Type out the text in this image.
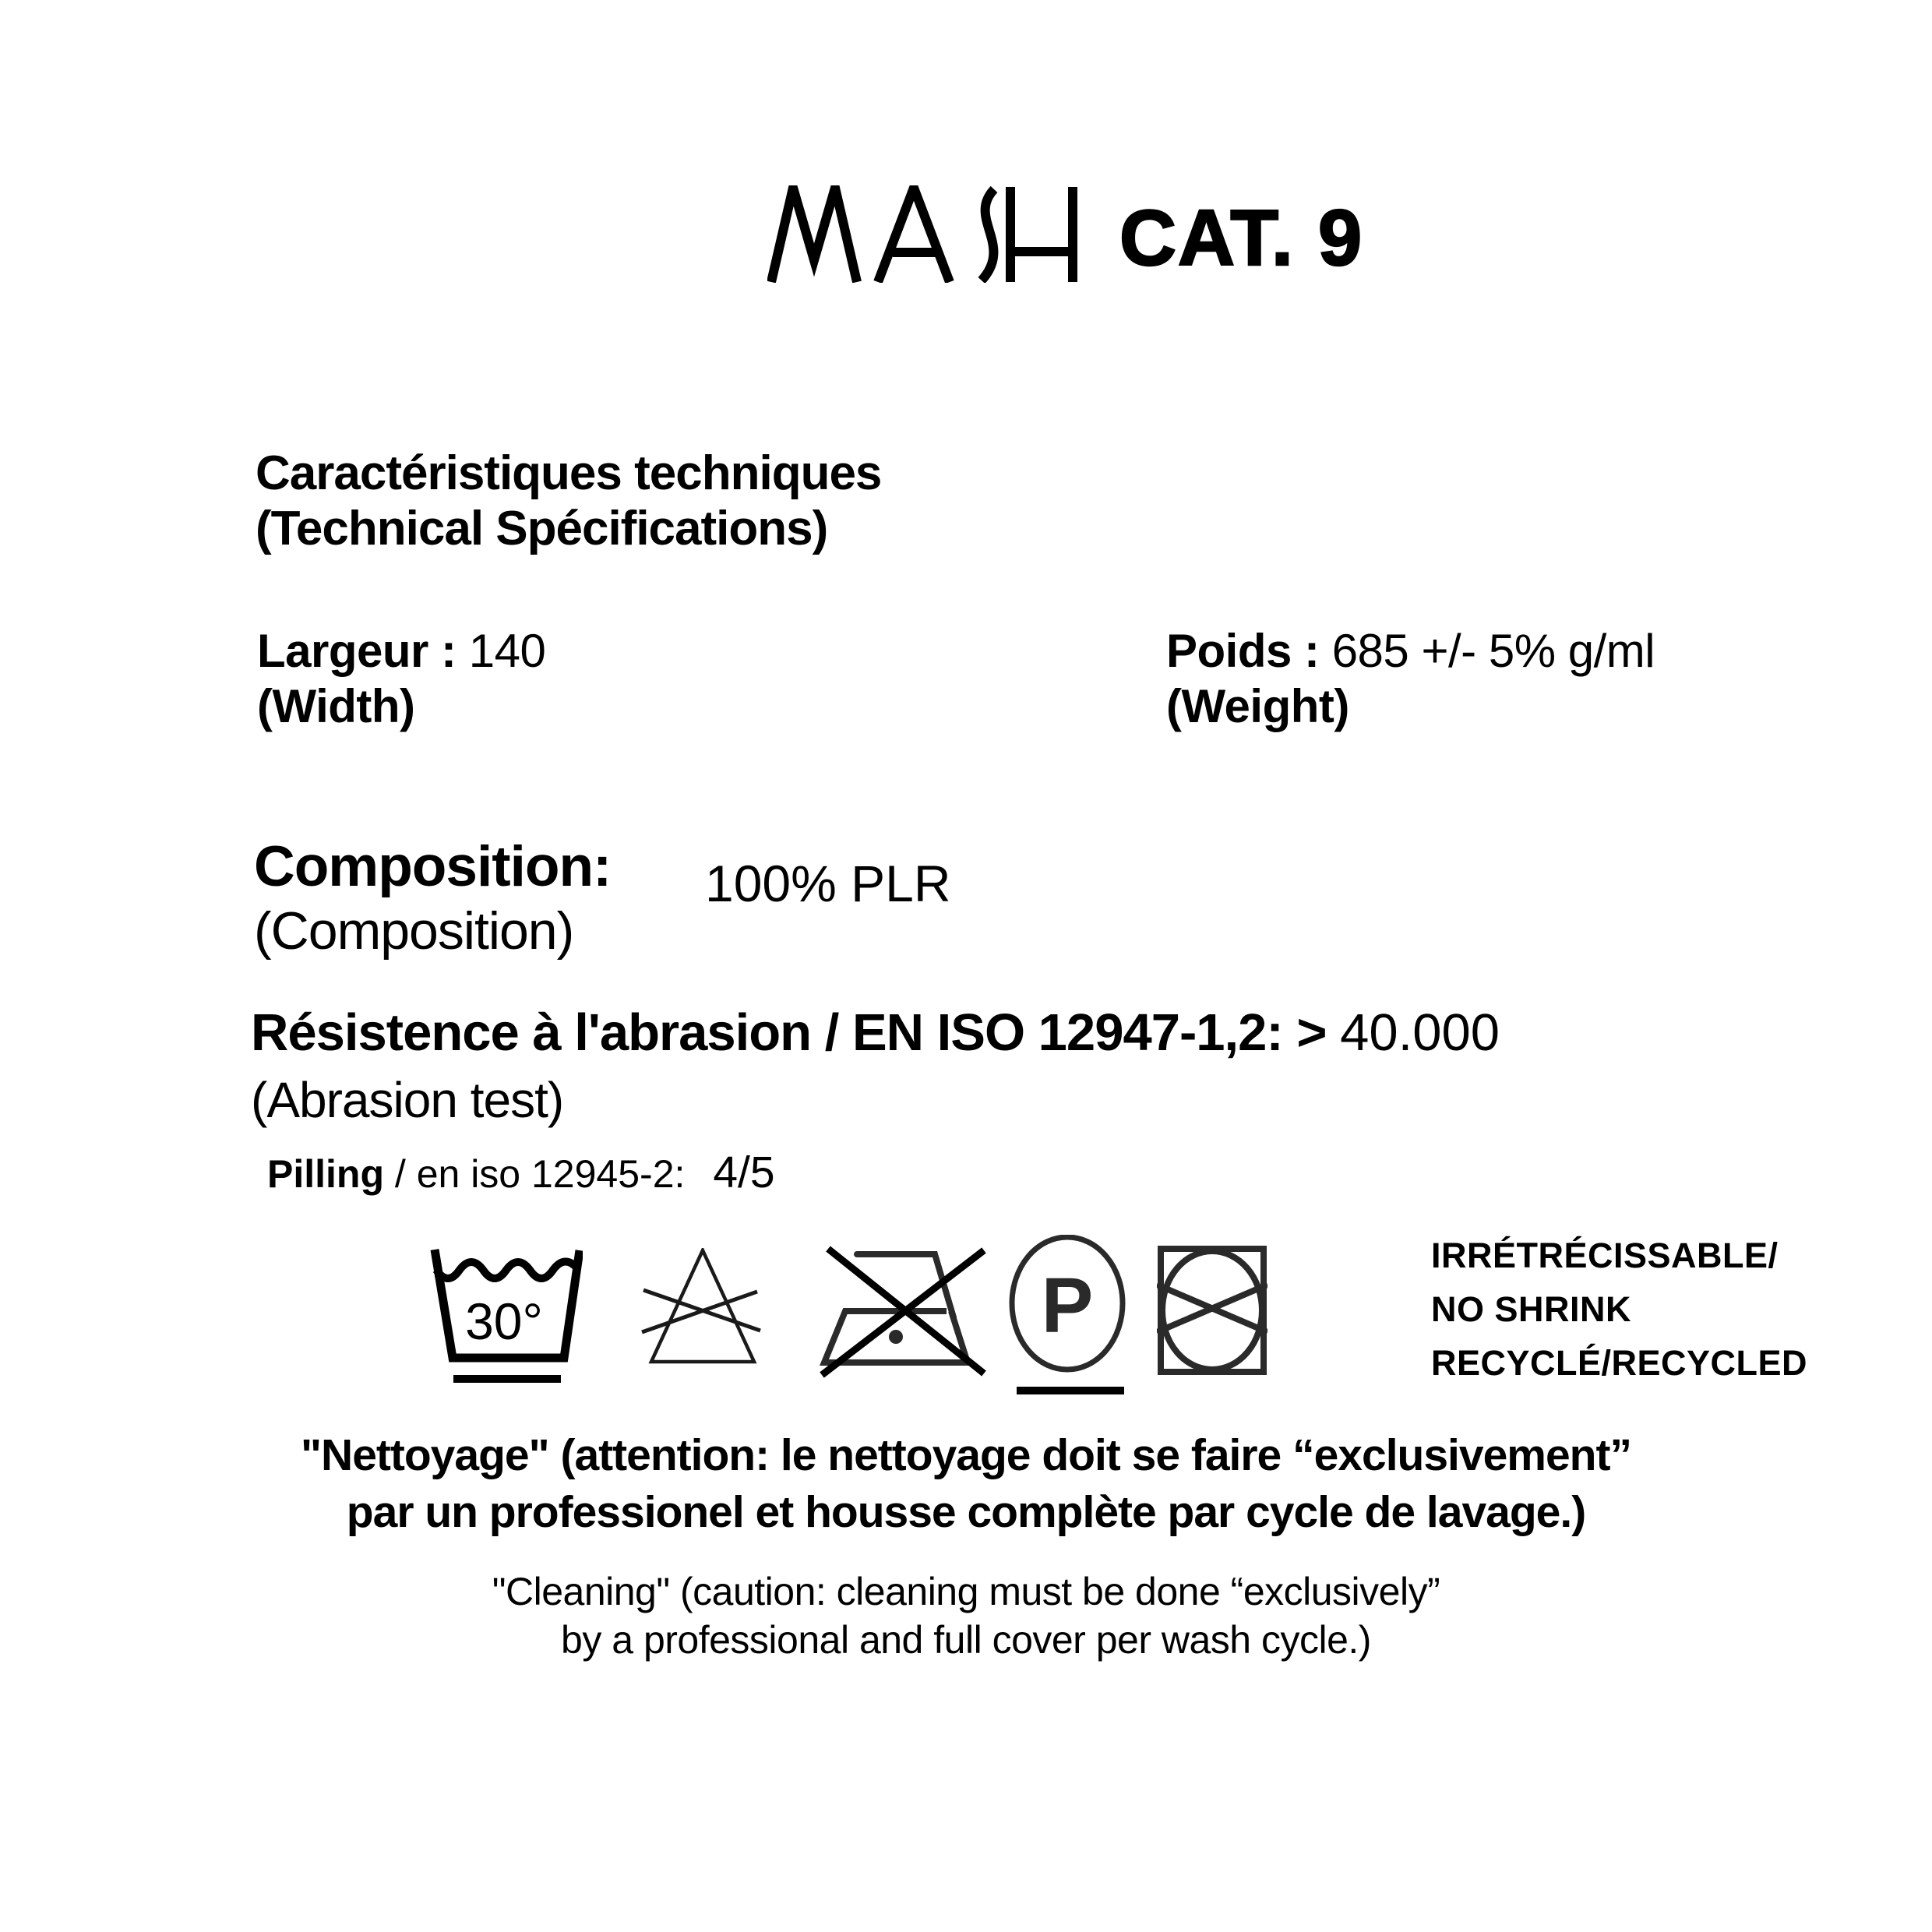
CAT. 9
Caractéristiques techniques
(Technical Spécifications)
Largeur : 140
(Width)
Poids : 685 +/- 5% g/ml
(Weight)
Composition:
(Composition)
100% PLR
Résistence à l'abrasion / EN ISO 12947-1,2: > 40.000
(Abrasion test)
Pilling / en iso 12945-2: 4/5
30°	P
IRRÉTRÉCISSABLE/
NO SHRINK
RECYCLÉ/RECYCLED
"Nettoyage" (attention: le nettoyage doit se faire “exclusivement”
par un professionel et housse complète par cycle de lavage.)
"Cleaning" (caution: cleaning must be done “exclusively”
by a professional and full cover per wash cycle.)
